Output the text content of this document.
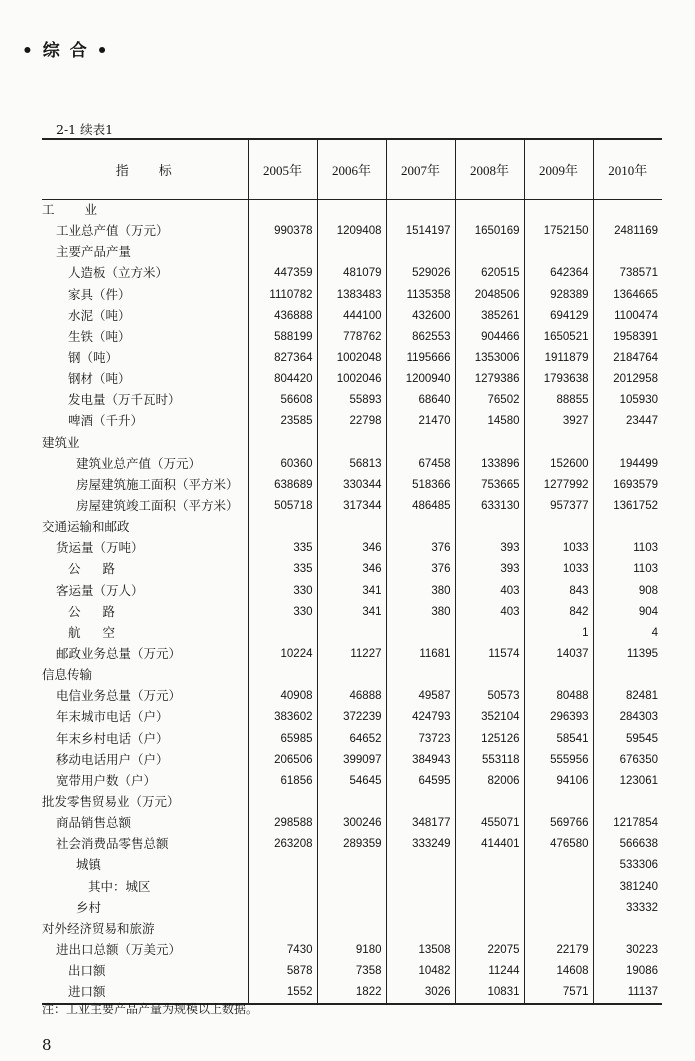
• 综 合 •
2-1 续表1
指标	2005年	2006年	2007年	2008年	2009年	2010年
工业						
工业总产值（万元）	990378	1209408	1514197	1650169	1752150	2481169
主要产品产量						
人造板（立方米）	447359	481079	529026	620515	642364	738571
家具（件）	1110782	1383483	1135358	2048506	928389	1364665
水泥（吨）	436888	444100	432600	385261	694129	1100474
生铁（吨）	588199	778762	862553	904466	1650521	1958391
钢（吨）	827364	1002048	1195666	1353006	1911879	2184764
钢材（吨）	804420	1002046	1200940	1279386	1793638	2012958
发电量（万千瓦时）	56608	55893	68640	76502	88855	105930
啤酒（千升）	23585	22798	21470	14580	3927	23447
建筑业						
建筑业总产值（万元）	60360	56813	67458	133896	152600	194499
房屋建筑施工面积（平方米）	638689	330344	518366	753665	1277992	1693579
房屋建筑竣工面积（平方米）	505718	317344	486485	633130	957377	1361752
交通运输和邮政						
货运量（万吨）	335	346	376	393	1033	1103
公路	335	346	376	393	1033	1103
客运量（万人）	330	341	380	403	843	908
公路	330	341	380	403	842	904
航空					1	4
邮政业务总量（万元）	10224	11227	11681	11574	14037	11395
信息传输						
电信业务总量（万元）	40908	46888	49587	50573	80488	82481
年末城市电话（户）	383602	372239	424793	352104	296393	284303
年末乡村电话（户）	65985	64652	73723	125126	58541	59545
移动电话用户（户）	206506	399097	384943	553118	555956	676350
宽带用户数（户）	61856	54645	64595	82006	94106	123061
批发零售贸易业（万元）						
商品销售总额	298588	300246	348177	455071	569766	1217854
社会消费品零售总额	263208	289359	333249	414401	476580	566638
城镇						533306
其中：城区						381240
乡村						33332
对外经济贸易和旅游						
进出口总额（万美元）	7430	9180	13508	22075	22179	30223
出口额	5878	7358	10482	11244	14608	19086
进口额	1552	1822	3026	10831	7571	11137
注：工业主要产品产量为规模以上数据。
8
